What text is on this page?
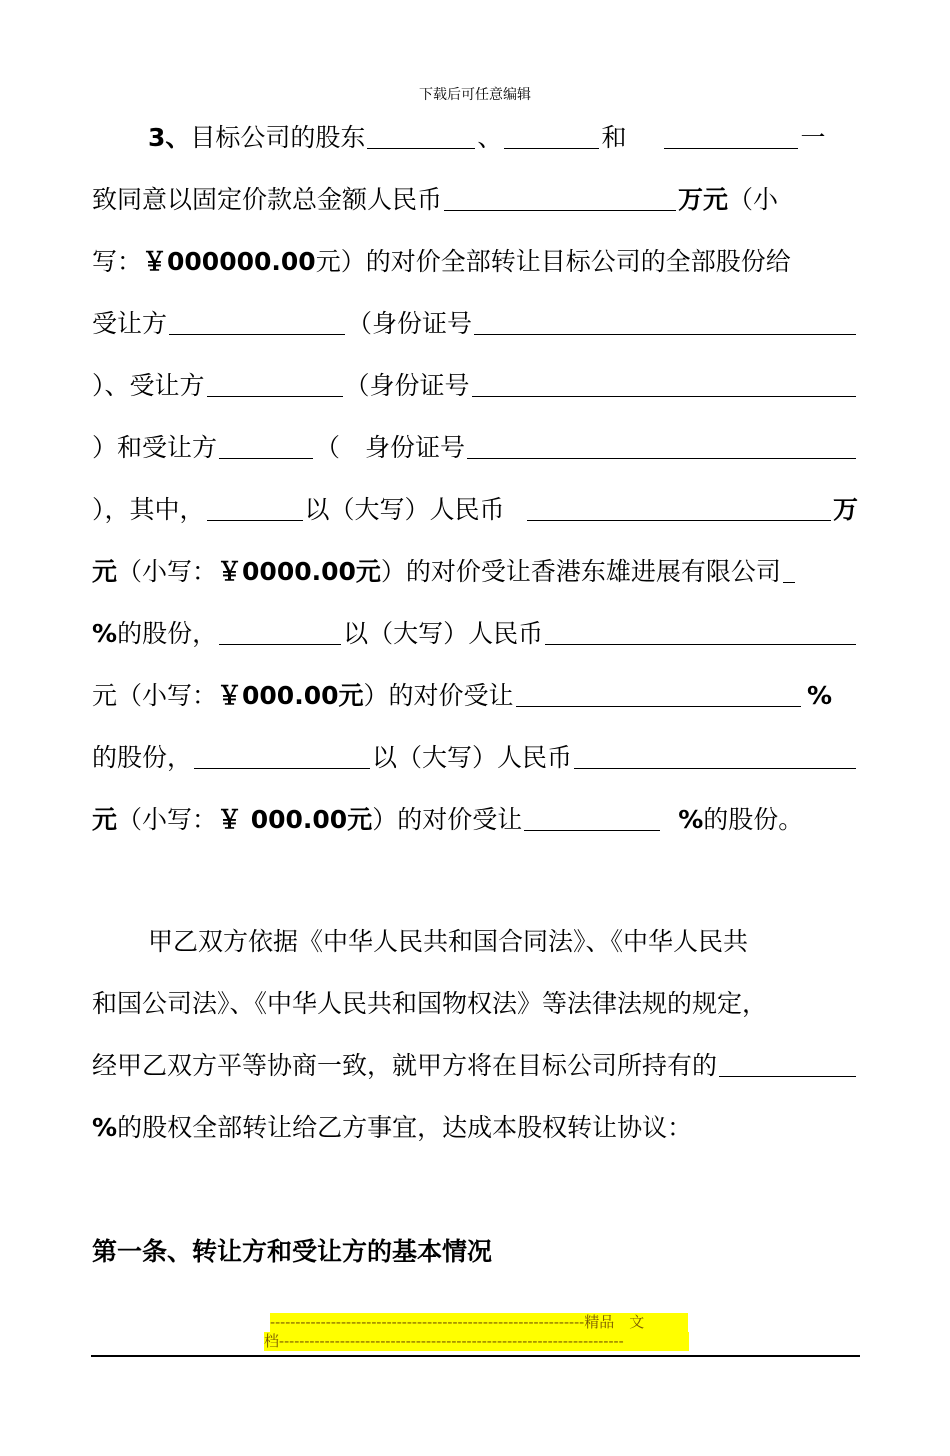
下载后可任意编辑
3、 目标公司的股东	、	和	一
致同意以固定价款总金额人民币	万元 （小
写： ￥000000.00 元）的对价全部转让目标公司的全部股份给
受让方	（身份证号
）、受让方	（身份证号
）和受让方	（　身份证号
），其中，	以（大写）人民币	万
元 （小写： ￥0000.00元 ）的对价受让香港东雄进展有限公司
% 的股份，	以（大写）人民币
元（小写： ￥000.00元 ）的对价受让	%
的股份，	以（大写）人民币
元 （小写： ￥ 000.00元 ）的对价受让	% 的股份。
甲乙双方依据《中华人民共和国合同法》、《中华人民共
和国公司法》、《中华人民共和国物权法》等法律法规的规定，
经甲乙双方平等协商一致，就甲方将在目标公司所持有的
% 的股权全部转让给乙方事宜，达成本股权转让协议：
第一条、转让方和受让方的基本情况
--------------------------------------------------------------精品　文
档--------------------------------------------------------------------
